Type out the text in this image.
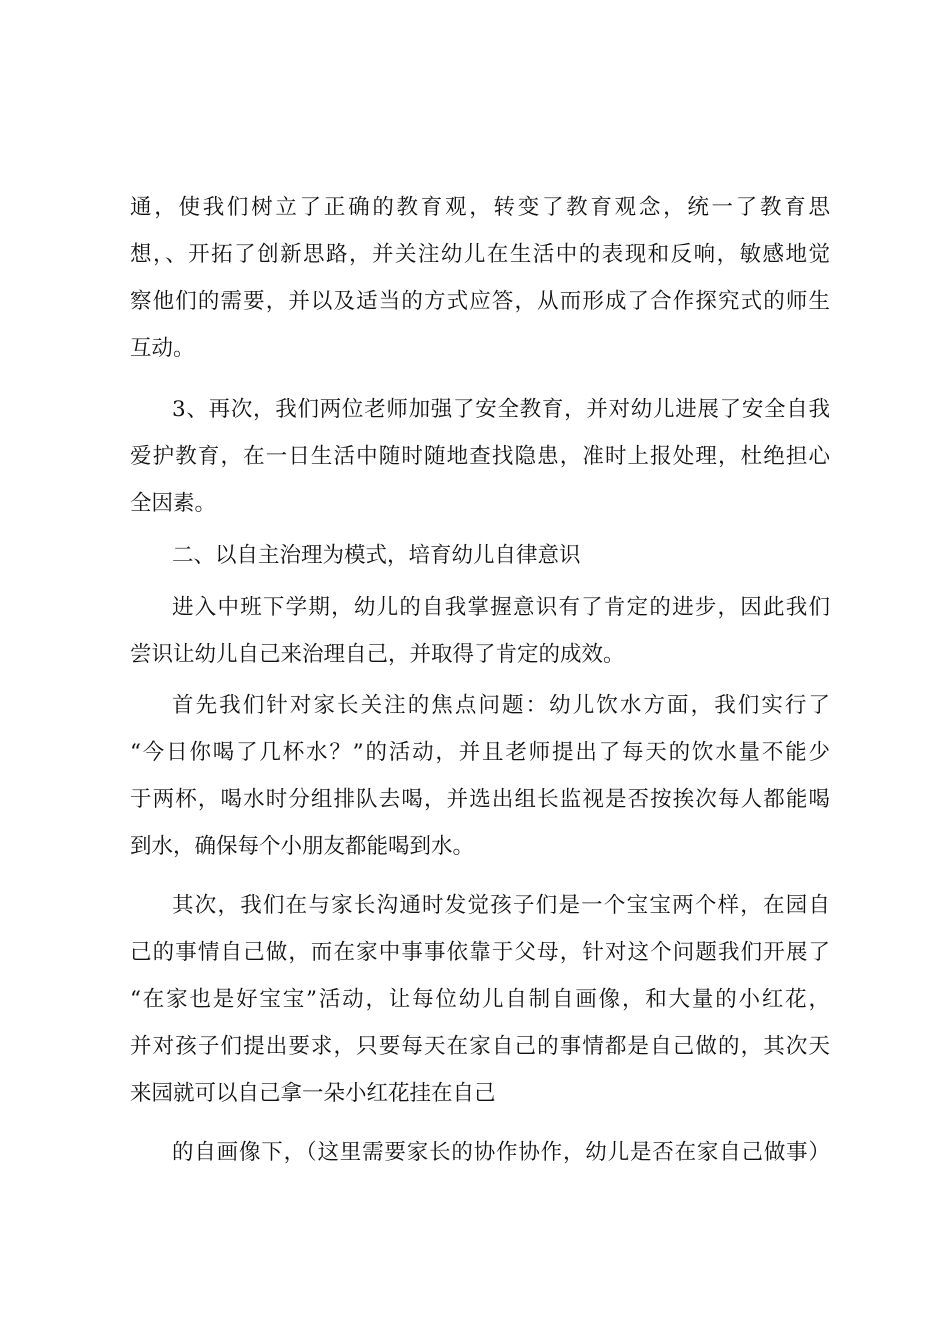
通，使我们树立了正确的教育观，转变了教育观念，统一了教育思
想，、开拓了创新思路，并关注幼儿在生活中的表现和反响，敏感地觉
察他们的需要，并以及适当的方式应答，从而形成了合作探究式的师生
互动。
3、再次，我们两位老师加强了安全教育，并对幼儿进展了安全自我
爱护教育，在一日生活中随时随地查找隐患，准时上报处理，杜绝担心
全因素。
二、以自主治理为模式，培育幼儿自律意识
进入中班下学期，幼儿的自我掌握意识有了肯定的进步，因此我们
尝识让幼儿自己来治理自己，并取得了肯定的成效。
首先我们针对家长关注的焦点问题：幼儿饮水方面，我们实行了
“今日你喝了几杯水？”的活动，并且老师提出了每天的饮水量不能少
于两杯，喝水时分组排队去喝，并选出组长监视是否按挨次每人都能喝
到水，确保每个小朋友都能喝到水。
其次，我们在与家长沟通时发觉孩子们是一个宝宝两个样，在园自
己的事情自己做，而在家中事事依靠于父母，针对这个问题我们开展了
“在家也是好宝宝”活动，让每位幼儿自制自画像，和大量的小红花，
并对孩子们提出要求，只要每天在家自己的事情都是自己做的，其次天
来园就可以自己拿一朵小红花挂在自己
的自画像下，（这里需要家长的协作协作，幼儿是否在家自己做事）
